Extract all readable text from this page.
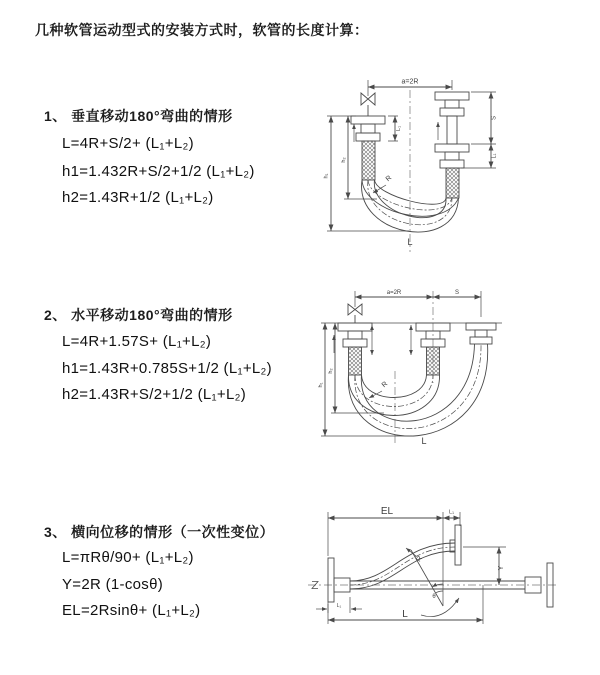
几种软管运动型式的安装方式时，软管的长度计算：
1、 垂直移动180°弯曲的情形
L=4R+S/2+ (L₁+L₂)
h1=1.432R+S/2+1/2 (L₁+L₂)
h2=1.43R+1/2 (L₁+L₂)
2、 水平移动180°弯曲的情形
L=4R+1.57S+ (L₁+L₂)
h1=1.43R+0.785S+1/2 (L₁+L₂)
h2=1.43R+S/2+1/2 (L₁+L₂)
3、 横向位移的情形（一次性变位）
L=πRθ/90+ (L₁+L₂)
Y=2R (1-cosθ)
EL=2Rsinθ+ (L₁+L₂)
a=2R
L₁
S
L₁
h₂
h₁	R
L
a=2R	S
h₂
h₁	R
L
EL	L₁
Y
R
θ
L₁
L
